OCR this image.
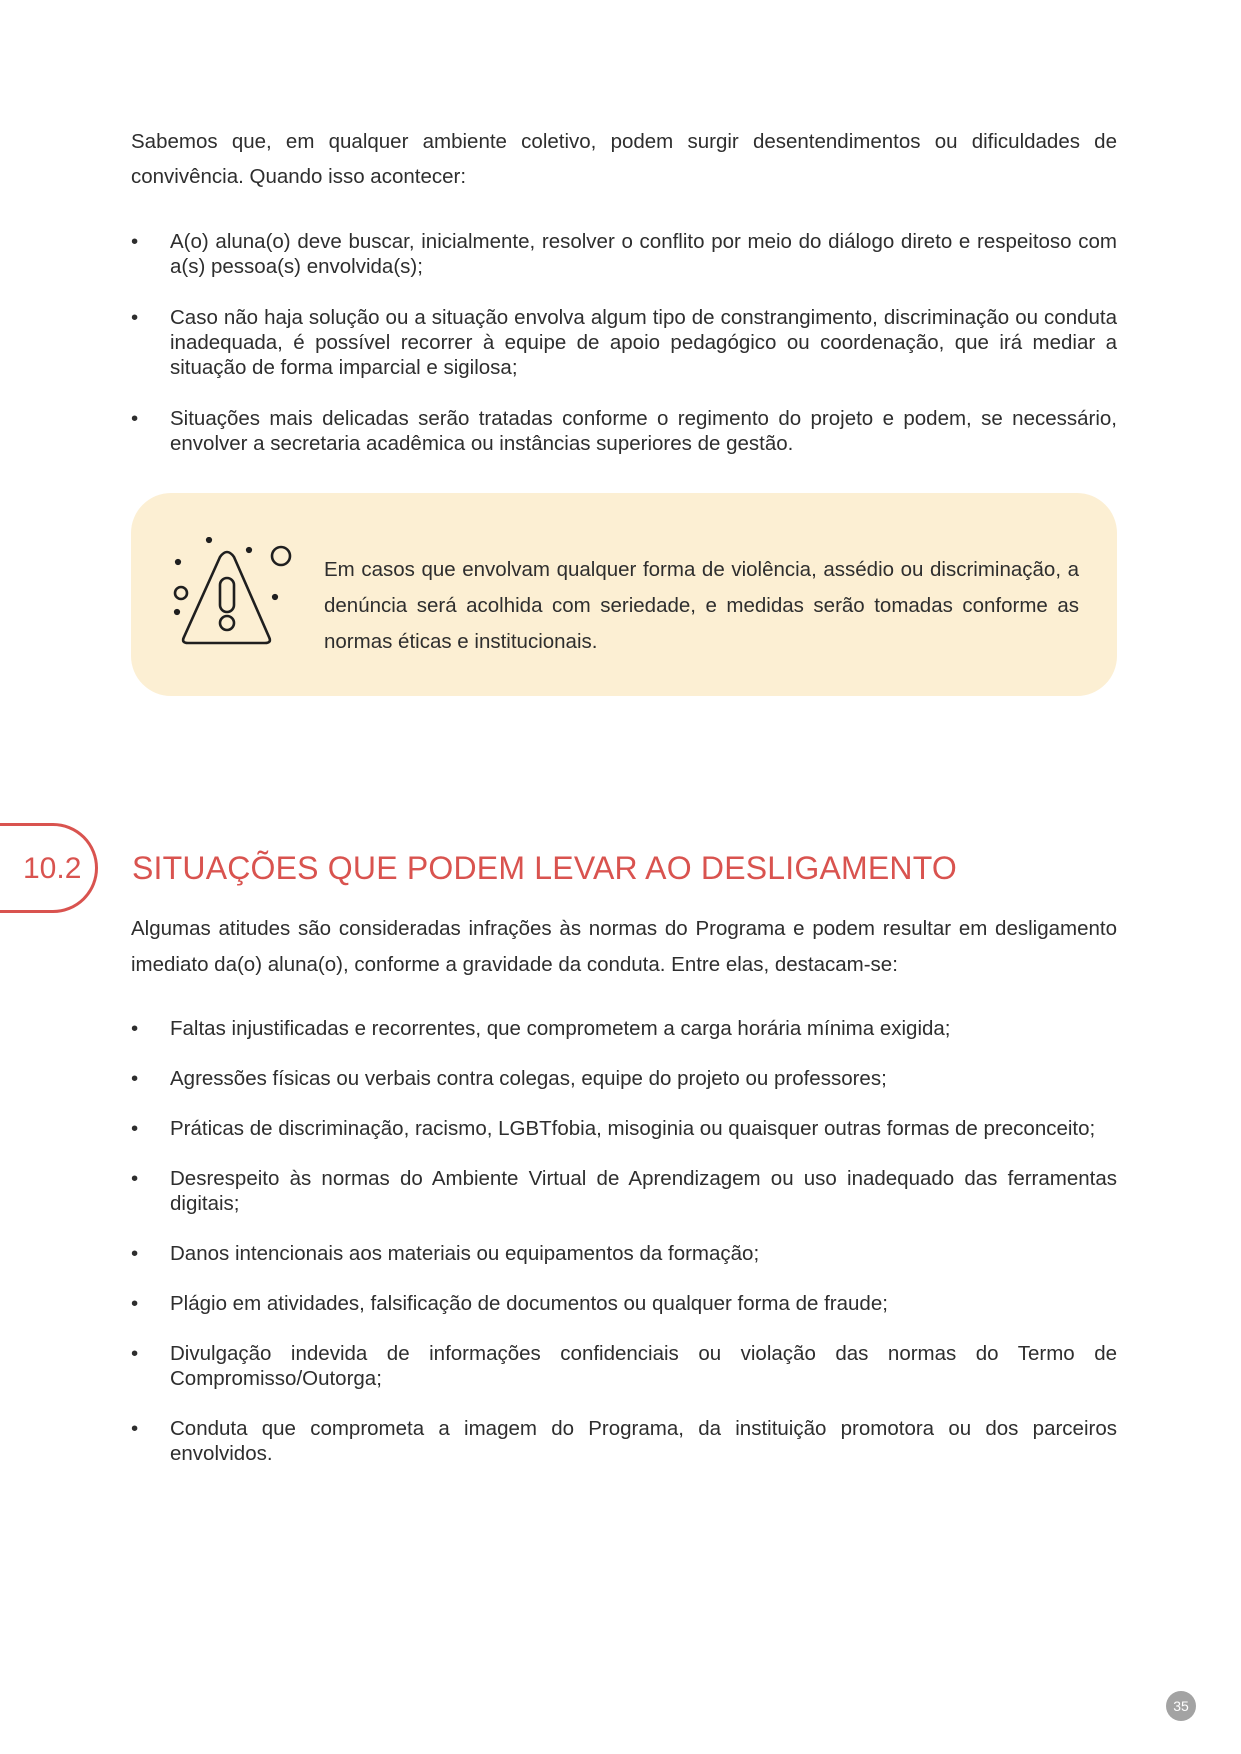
Sabemos que, em qualquer ambiente coletivo, podem surgir desentendimentos ou dificuldades de convivência. Quando isso acontecer:

• A(o) aluna(o) deve buscar, inicialmente, resolver o conflito por meio do diálogo direto e respeitoso com a(s) pessoa(s) envolvida(s);
• Caso não haja solução ou a situação envolva algum tipo de constrangimento, discriminação ou conduta inadequada, é possível recorrer à equipe de apoio pedagógico ou coordenação, que irá mediar a situação de forma imparcial e sigilosa;
• Situações mais delicadas serão tratadas conforme o regimento do projeto e podem, se necessário, envolver a secretaria acadêmica ou instâncias superiores de gestão.

Em casos que envolvam qualquer forma de violência, assédio ou discriminação, a denúncia será acolhida com seriedade, e medidas serão tomadas conforme as normas éticas e institucionais.

10.2 SITUAÇÕES QUE PODEM LEVAR AO DESLIGAMENTO

Algumas atitudes são consideradas infrações às normas do Programa e podem resultar em desligamento imediato da(o) aluna(o), conforme a gravidade da conduta. Entre elas, destacam-se:

• Faltas injustificadas e recorrentes, que comprometem a carga horária mínima exigida;
• Agressões físicas ou verbais contra colegas, equipe do projeto ou professores;
• Práticas de discriminação, racismo, LGBTfobia, misoginia ou quaisquer outras formas de preconceito;
• Desrespeito às normas do Ambiente Virtual de Aprendizagem ou uso inadequado das ferramentas digitais;
• Danos intencionais aos materiais ou equipamentos da formação;
• Plágio em atividades, falsificação de documentos ou qualquer forma de fraude;
• Divulgação indevida de informações confidenciais ou violação das normas do Termo de Compromisso/Outorga;
• Conduta que comprometa a imagem do Programa, da instituição promotora ou dos parceiros envolvidos.
35
